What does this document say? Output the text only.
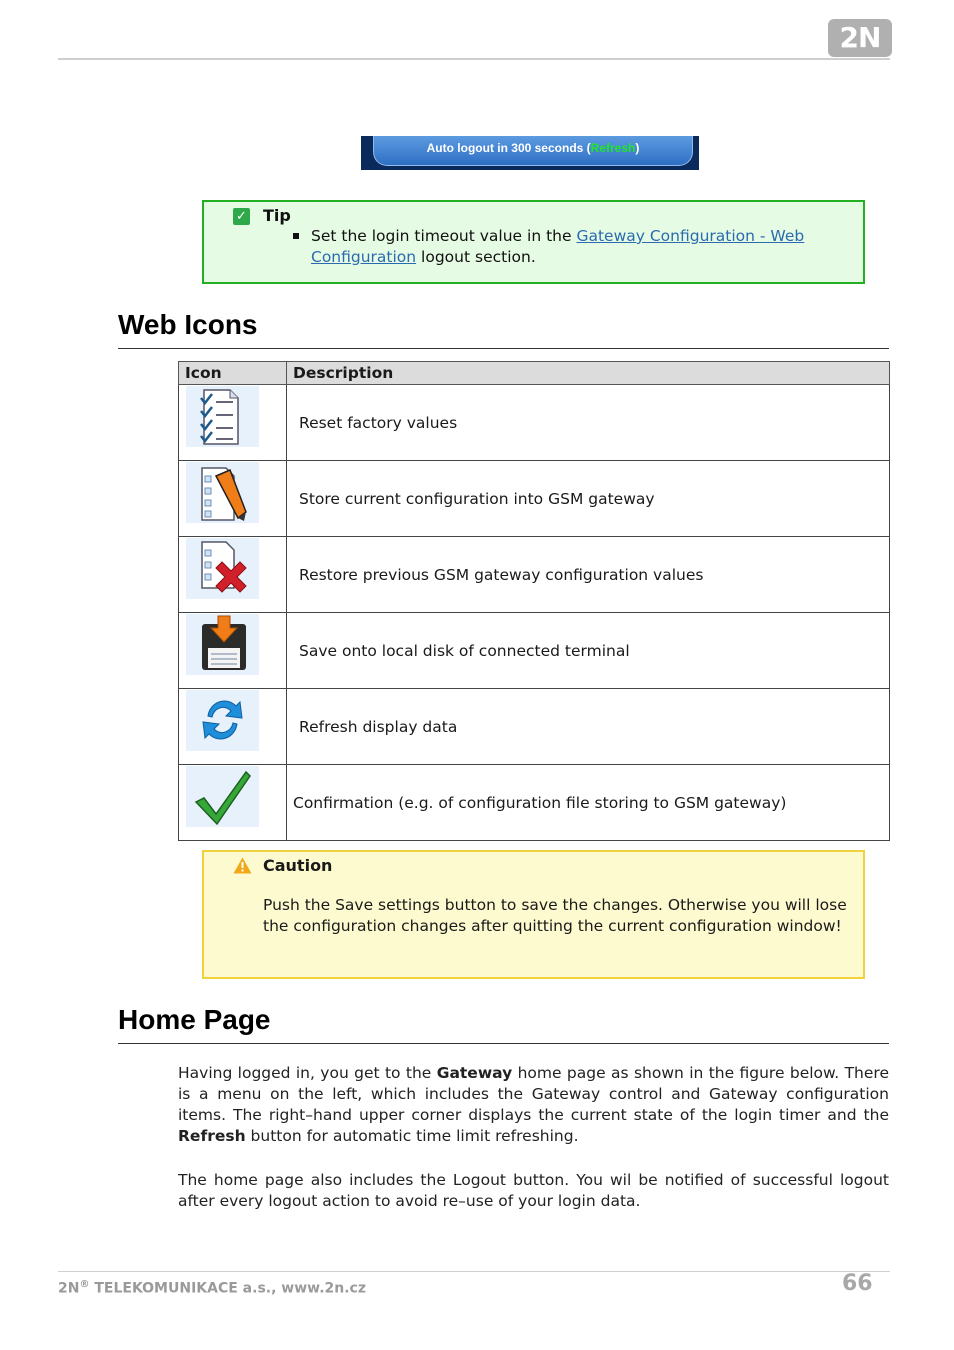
2N
Auto logout in 300 seconds (Refresh)
✓ Tip
Set the login timeout value in the Gateway Configuration - Web Configuration logout section.
Web Icons
Icon	Description

	Reset factory values

	Store current configuration into GSM gateway

	Restore previous GSM gateway configuration values

	Save onto local disk of connected terminal

	Refresh display data

	Confirmation (e.g. of configuration file storing to GSM gateway)
Caution
Push the Save settings button to save the changes. Otherwise you will lose the configuration changes after quitting the current configuration window!
Home Page
Having logged in, you get to the Gateway home page as shown in the figure below. There is a menu on the left, which includes the Gateway control and Gateway configuration items. The right–hand upper corner displays the current state of the login timer and the Refresh button for automatic time limit refreshing.
The home page also includes the Logout button. You wil be notified of successful logout after every logout action to avoid re–use of your login data.
2N® TELEKOMUNIKACE a.s., www.2n.cz	66
